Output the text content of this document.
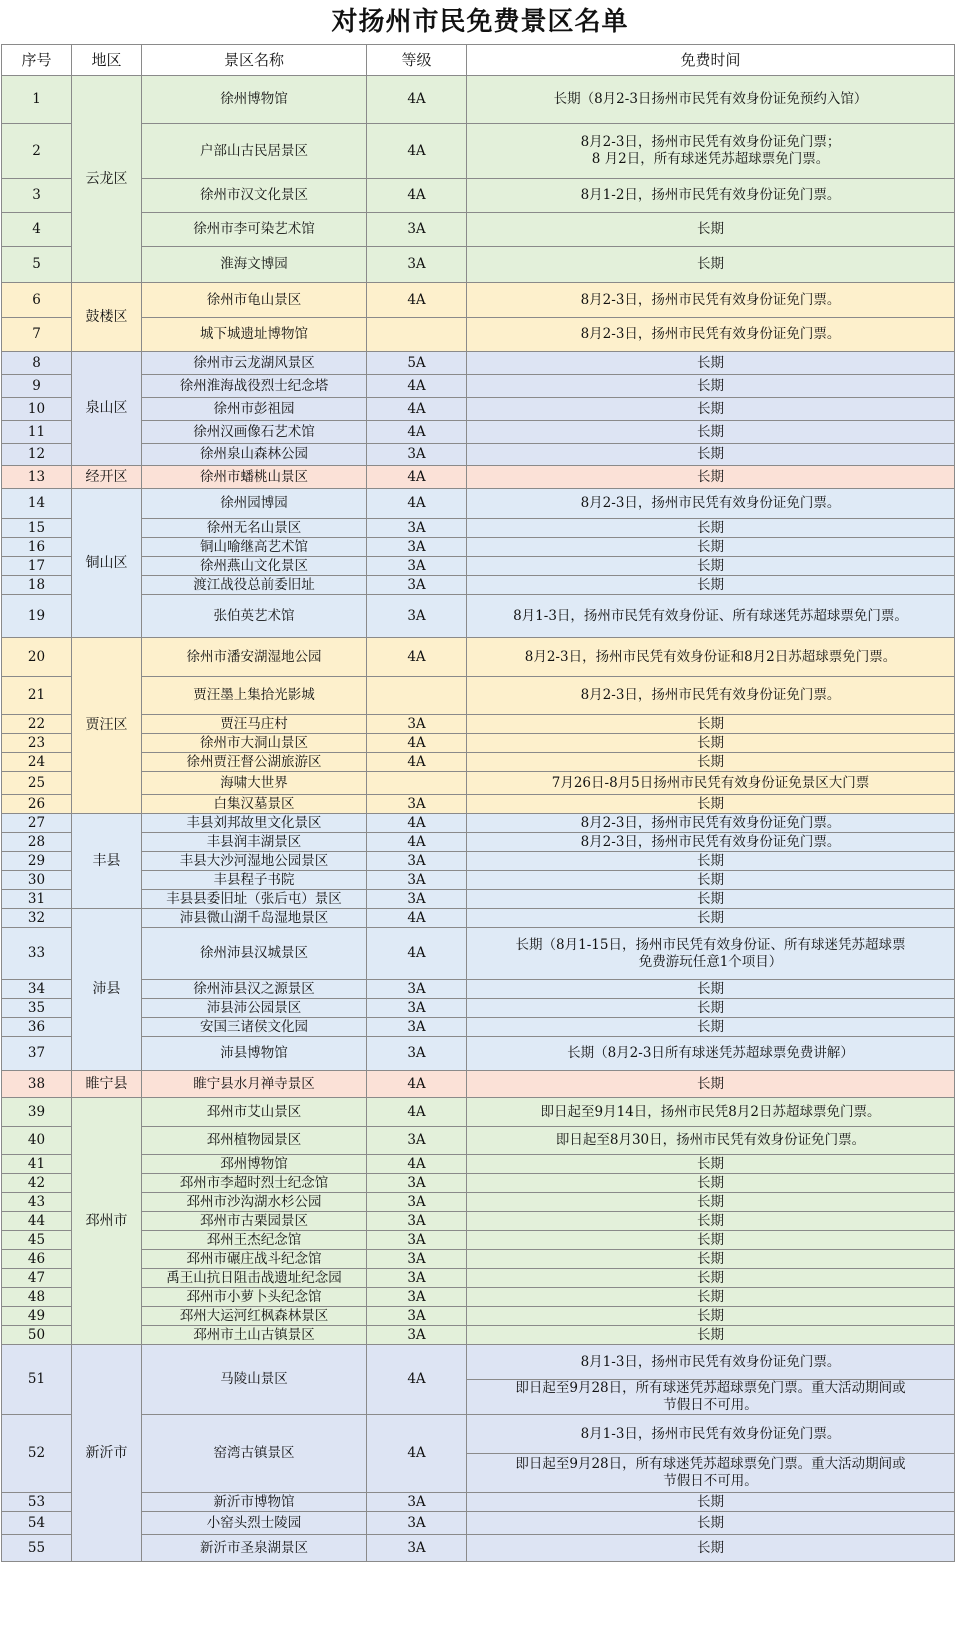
对扬州市民免费景区名单
序号	地区	景区名称	等级	免费时间
1	云龙区	徐州博物馆	4A	长期（8月2-3日扬州市民凭有效身份证免预约入馆）
2		户部山古民居景区	4A	8月2-3日，扬州市民凭有效身份证免门票；
8 月2日，所有球迷凭苏超球票免门票。
3		徐州市汉文化景区	4A	8月1-2日，扬州市民凭有效身份证免门票。
4		徐州市李可染艺术馆	3A	长期
5		淮海文博园	3A	长期
6	鼓楼区	徐州市龟山景区	4A	8月2-3日，扬州市民凭有效身份证免门票。
7		城下城遗址博物馆		8月2-3日，扬州市民凭有效身份证免门票。
8	泉山区	徐州市云龙湖风景区	5A	长期
9		徐州淮海战役烈士纪念塔	4A	长期
10		徐州市彭祖园	4A	长期
11		徐州汉画像石艺术馆	4A	长期
12		徐州泉山森林公园	3A	长期
13	经开区	徐州市蟠桃山景区	4A	长期
14	铜山区	徐州园博园	4A	8月2-3日，扬州市民凭有效身份证免门票。
15		徐州无名山景区	3A	长期
16		铜山喻继高艺术馆	3A	长期
17		徐州燕山文化景区	3A	长期
18		渡江战役总前委旧址	3A	长期
19		张伯英艺术馆	3A	8月1-3日，扬州市民凭有效身份证、所有球迷凭苏超球票免门票。
20	贾汪区	徐州市潘安湖湿地公园	4A	8月2-3日，扬州市民凭有效身份证和8月2日苏超球票免门票。
21		贾汪墨上集拾光影城		8月2-3日，扬州市民凭有效身份证免门票。
22		贾汪马庄村	3A	长期
23		徐州市大洞山景区	4A	长期
24		徐州贾汪督公湖旅游区	4A	长期
25		海啸大世界		7月26日-8月5日扬州市民凭有效身份证免景区大门票
26		白集汉墓景区	3A	长期
27	丰县	丰县刘邦故里文化景区	4A	8月2-3日，扬州市民凭有效身份证免门票。
28		丰县润丰湖景区	4A	8月2-3日，扬州市民凭有效身份证免门票。
29		丰县大沙河湿地公园景区	3A	长期
30		丰县程子书院	3A	长期
31		丰县县委旧址（张后屯）景区	3A	长期
32	沛县	沛县微山湖千岛湿地景区	4A	长期
33		徐州沛县汉城景区	4A	长期（8月1-15日，扬州市民凭有效身份证、所有球迷凭苏超球票
免费游玩任意1个项目）
34		徐州沛县汉之源景区	3A	长期
35		沛县沛公园景区	3A	长期
36		安国三诸侯文化园	3A	长期
37		沛县博物馆	3A	长期（8月2-3日所有球迷凭苏超球票免费讲解）
38	睢宁县	睢宁县水月禅寺景区	4A	长期
39	邳州市	邳州市艾山景区	4A	即日起至9月14日，扬州市民凭8月2日苏超球票免门票。
40		邳州植物园景区	3A	即日起至8月30日，扬州市民凭有效身份证免门票。
41		邳州博物馆	4A	长期
42		邳州市李超时烈士纪念馆	3A	长期
43		邳州市沙沟湖水杉公园	3A	长期
44		邳州市古栗园景区	3A	长期
45		邳州王杰纪念馆	3A	长期
46		邳州市碾庄战斗纪念馆	3A	长期
47		禹王山抗日阻击战遗址纪念园	3A	长期
48		邳州市小萝卜头纪念馆	3A	长期
49		邳州大运河红枫森林景区	3A	长期
50		邳州市土山古镇景区	3A	长期
51	新沂市	马陵山景区	4A	8月1-3日，扬州市民凭有效身份证免门票。
				即日起至9月28日，所有球迷凭苏超球票免门票。重大活动期间或
节假日不可用。
52		窑湾古镇景区	4A	8月1-3日，扬州市民凭有效身份证免门票。
				即日起至9月28日，所有球迷凭苏超球票免门票。重大活动期间或
节假日不可用。
53		新沂市博物馆	3A	长期
54		小窑头烈士陵园	3A	长期
55		新沂市圣泉湖景区	3A	长期
